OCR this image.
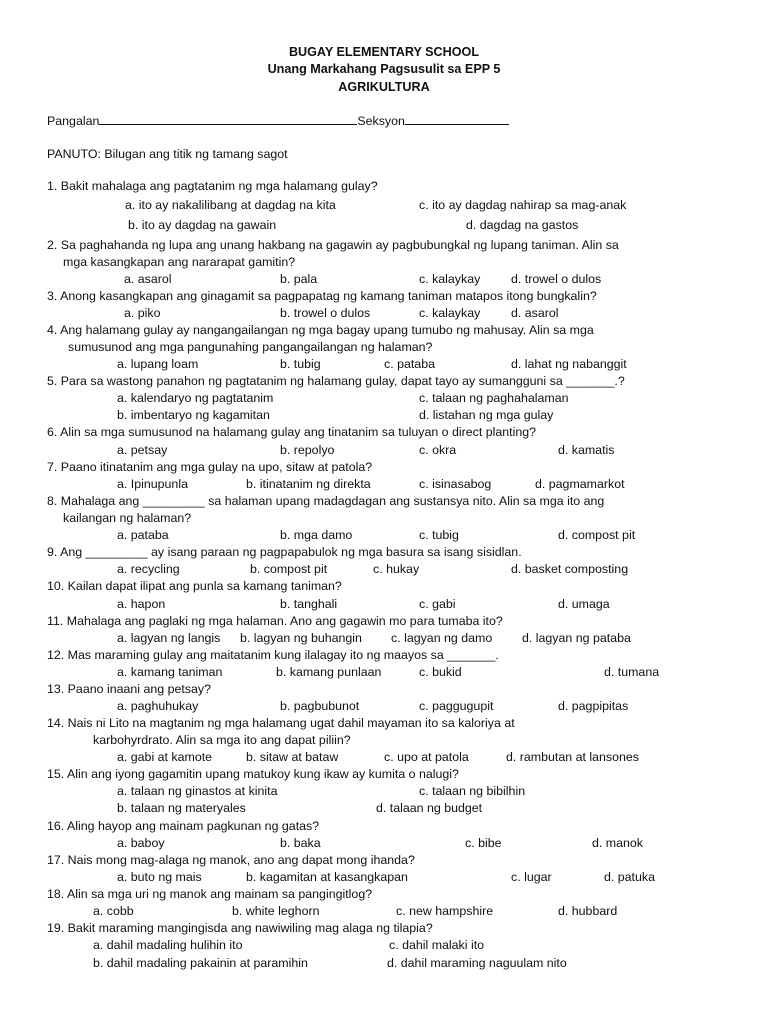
BUGAY ELEMENTARY SCHOOL
Unang Markahang Pagsusulit sa EPP 5
AGRIKULTURA
Pangalan	Seksyon
PANUTO: Bilugan ang titik ng tamang sagot
1. Bakit mahalaga ang pagtatanim ng mga halamang gulay?
a. ito ay nakalilibang at dagdag na kita	c. ito ay dagdag nahirap sa mag-anak
b. ito ay dagdag na gawain	d. dagdag na gastos
2. Sa paghahanda ng lupa ang unang hakbang na gagawin ay pagbubungkal ng lupang taniman. Alin sa
mga kasangkapan ang nararapat gamitin?
a. asarol	b. pala	c. kalaykay d. trowel o dulos
3. Anong kasangkapan ang ginagamit sa pagpapatag ng kamang taniman matapos itong bungkalin?
a. piko	b. trowel o dulos	c. kalaykay d. asarol
4. Ang halamang gulay ay nangangailangan ng mga bagay upang tumubo ng mahusay. Alin sa mga
sumusunod ang mga pangunahing pangangailangan ng halaman?
a. lupang loam	b. tubig	c. pataba	d. lahat ng nabanggit
5. Para sa wastong panahon ng pagtatanim ng halamang gulay, dapat tayo ay sumangguni sa _______.?
a. kalendaryo ng pagtatanim	c. talaan ng paghahalaman
b. imbentaryo ng kagamitan	d. listahan ng mga gulay
6. Alin sa mga sumusunod na halamang gulay ang tinatanim sa tuluyan o direct planting?
a. petsay	b. repolyo	c. okra	d. kamatis
7. Paano itinatanim ang mga gulay na upo, sitaw at patola?
a. Ipinupunla	b. itinatanim ng direkta	c. isinasabog	d. pagmamarkot
8. Mahalaga ang _________ sa halaman upang madagdagan ang sustansya nito. Alin sa mga ito ang
kailangan ng halaman?
a. pataba	b. mga damo	c. tubig	d. compost pit
9. Ang _________ ay isang paraan ng pagpapabulok ng mga basura sa isang sisidlan.
a. recycling	b. compost pit	c. hukay	d. basket composting
10. Kailan dapat ilipat ang punla sa kamang taniman?
a. hapon	b. tanghali	c. gabi	d. umaga
11. Mahalaga ang paglaki ng mga halaman. Ano ang gagawin mo para tumaba ito?
a. lagyan ng langis b. lagyan ng buhangin c. lagyan ng damo d. lagyan ng pataba
12. Mas maraming gulay ang maitatanim kung ilalagay ito ng maayos sa _______.
a. kamang taniman	b. kamang punlaan	c. bukid	d. tumana
13. Paano inaani ang petsay?
a. paghuhukay	b. pagbubunot	c. paggugupit	d. pagpipitas
14. Nais ni Lito na magtanim ng mga halamang ugat dahil mayaman ito sa kaloriya at
karbohyrdrato. Alin sa mga ito ang dapat piliin?
a. gabi at kamote	b. sitaw at bataw	c. upo at patola	d. rambutan at lansones
15. Alin ang iyong gagamitin upang matukoy kung ikaw ay kumita o nalugi?
a. talaan ng ginastos at kinita	c. talaan ng bibilhin
b. talaan ng materyales	d. talaan ng budget
16. Aling hayop ang mainam pagkunan ng gatas?
a. baboy	b. baka	c. bibe	d. manok
17. Nais mong mag-alaga ng manok, ano ang dapat mong ihanda?
a. buto ng mais	b. kagamitan at kasangkapan	c. lugar	d. patuka
18. Alin sa mga uri ng manok ang mainam sa pangingitlog?
a. cobb	b. white leghorn	c. new hampshire	d. hubbard
19. Bakit maraming mangingisda ang nawiwiling mag alaga ng tilapia?
a. dahil madaling hulihin ito	c. dahil malaki ito
b. dahil madaling pakainin at paramihin	d. dahil maraming naguulam nito
